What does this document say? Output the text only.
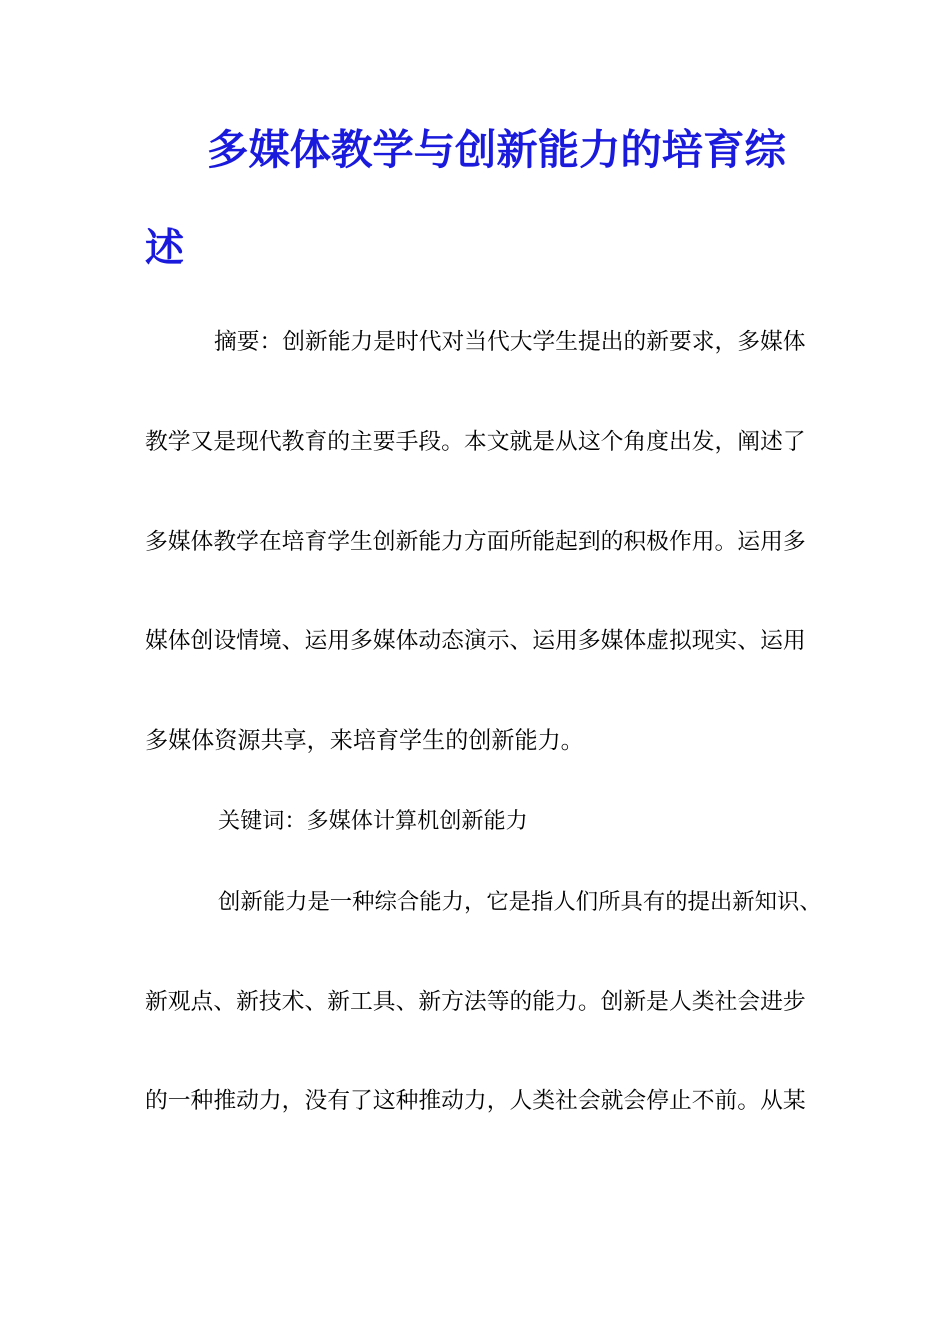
多媒体教学与创新能力的培育综
述
摘要：创新能力是时代对当代大学生提出的新要求，多媒体
教学又是现代教育的主要手段。本文就是从这个角度出发，阐述了
多媒体教学在培育学生创新能力方面所能起到的积极作用。运用多
媒体创设情境、运用多媒体动态演示、运用多媒体虚拟现实、运用
多媒体资源共享，来培育学生的创新能力。
关键词：多媒体计算机创新能力
创新能力是一种综合能力，它是指人们所具有的提出新知识、
新观点、新技术、新工具、新方法等的能力。创新是人类社会进步
的一种推动力，没有了这种推动力，人类社会就会停止不前。从某
